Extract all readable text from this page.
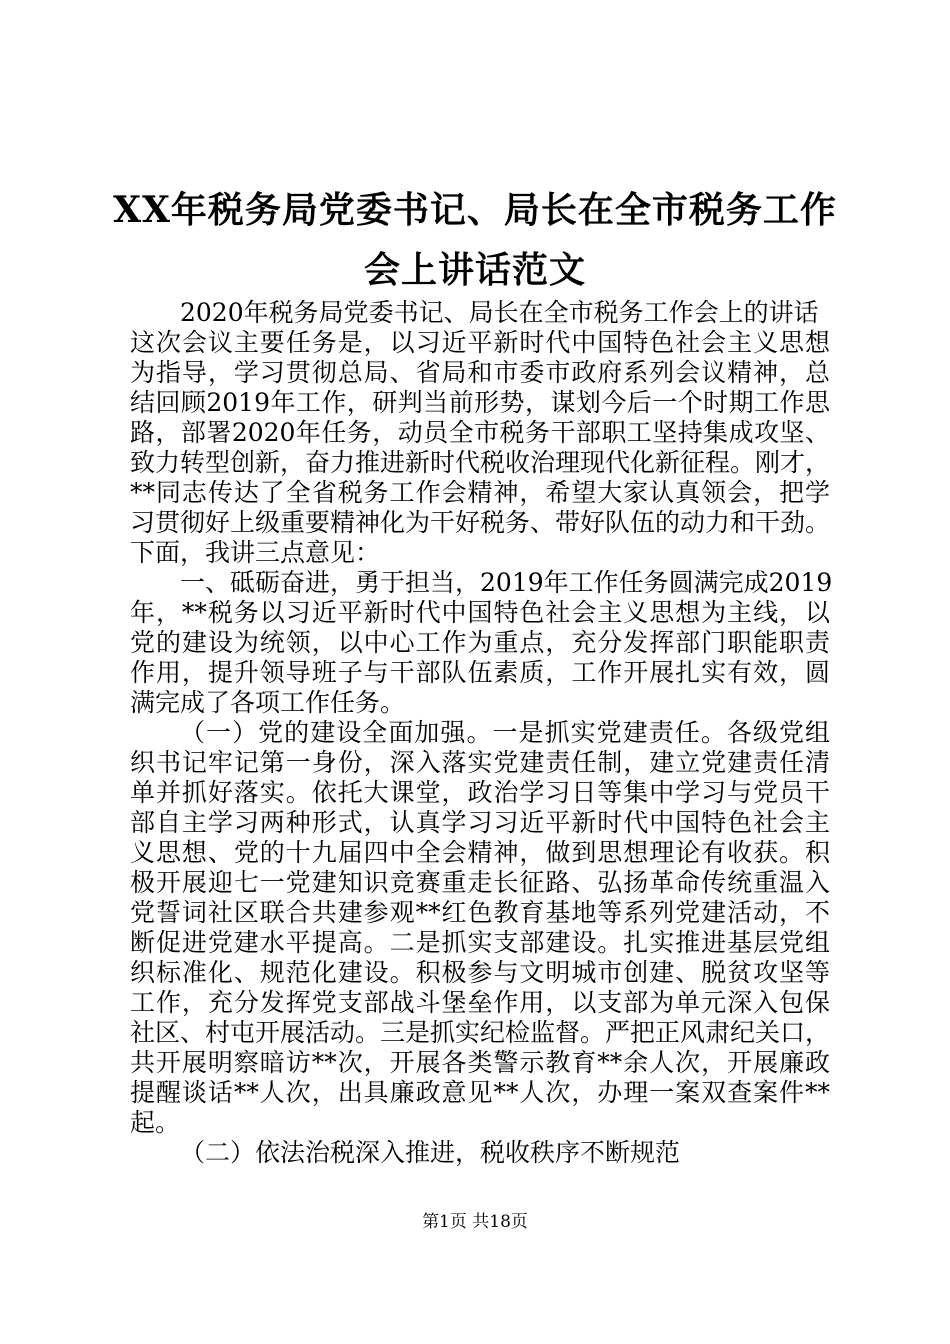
XX年税务局党委书记、局长在全市税务工作
会上讲话范文
2020年税务局党委书记、局长在全市税务工作会上的讲话
这次会议主要任务是，以习近平新时代中国特色社会主义思想
为指导，学习贯彻总局、省局和市委市政府系列会议精神，总
结回顾2019年工作，研判当前形势，谋划今后一个时期工作思
路，部署2020年任务，动员全市税务干部职工坚持集成攻坚、
致力转型创新，奋力推进新时代税收治理现代化新征程。刚才，
**同志传达了全省税务工作会精神，希望大家认真领会，把学
习贯彻好上级重要精神化为干好税务、带好队伍的动力和干劲。
下面，我讲三点意见：
一、砥砺奋进，勇于担当，2019年工作任务圆满完成2019
年，**税务以习近平新时代中国特色社会主义思想为主线，以
党的建设为统领，以中心工作为重点，充分发挥部门职能职责
作用，提升领导班子与干部队伍素质，工作开展扎实有效，圆
满完成了各项工作任务。
（一）党的建设全面加强。一是抓实党建责任。各级党组
织书记牢记第一身份，深入落实党建责任制，建立党建责任清
单并抓好落实。依托大课堂，政治学习日等集中学习与党员干
部自主学习两种形式，认真学习习近平新时代中国特色社会主
义思想、党的十九届四中全会精神，做到思想理论有收获。积
极开展迎七一党建知识竞赛重走长征路、弘扬革命传统重温入
党誓词社区联合共建参观**红色教育基地等系列党建活动，不
断促进党建水平提高。二是抓实支部建设。扎实推进基层党组
织标准化、规范化建设。积极参与文明城市创建、脱贫攻坚等
工作，充分发挥党支部战斗堡垒作用，以支部为单元深入包保
社区、村屯开展活动。三是抓实纪检监督。严把正风肃纪关口，
共开展明察暗访**次，开展各类警示教育**余人次，开展廉政
提醒谈话**人次，出具廉政意见**人次，办理一案双查案件**
起。
（二）依法治税深入推进，税收秩序不断规范
第1页 共18页
